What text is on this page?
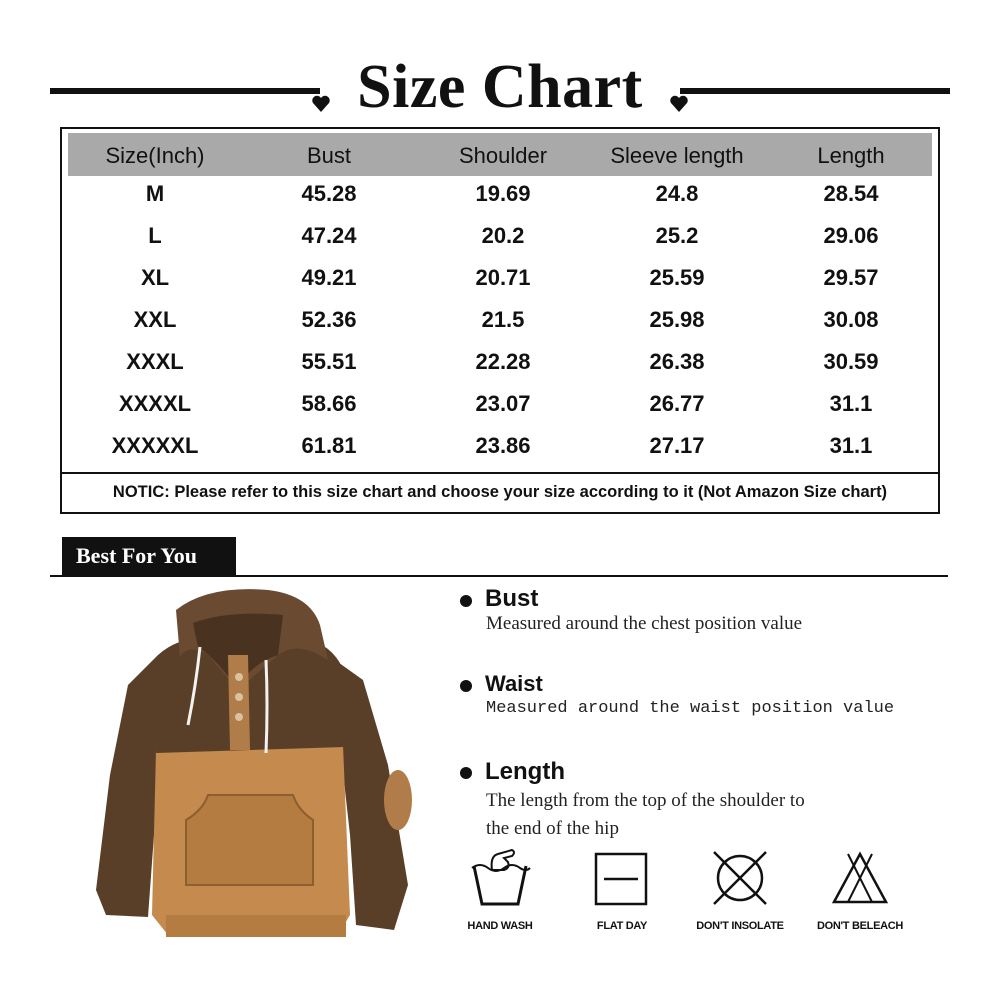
Size Chart
Size(Inch)	Bust	Shoulder	Sleeve length	Length
M	45.28	19.69	24.8	28.54
L	47.24	20.2	25.2	29.06
XL	49.21	20.71	25.59	29.57
XXL	52.36	21.5	25.98	30.08
XXXL	55.51	22.28	26.38	30.59
XXXXL	58.66	23.07	26.77	31.1
XXXXXL	61.81	23.86	27.17	31.1
NOTIC: Please refer to this size chart and choose your size according to it (Not Amazon Size chart)
Best For You
Bust
Measured around the chest position value
Waist
Measured around the waist position value
Length
The length from the top of the shoulder to
the end of the hip
HAND WASH	FLAT DAY	DON'T INSOLATE	DON'T BELEACH
